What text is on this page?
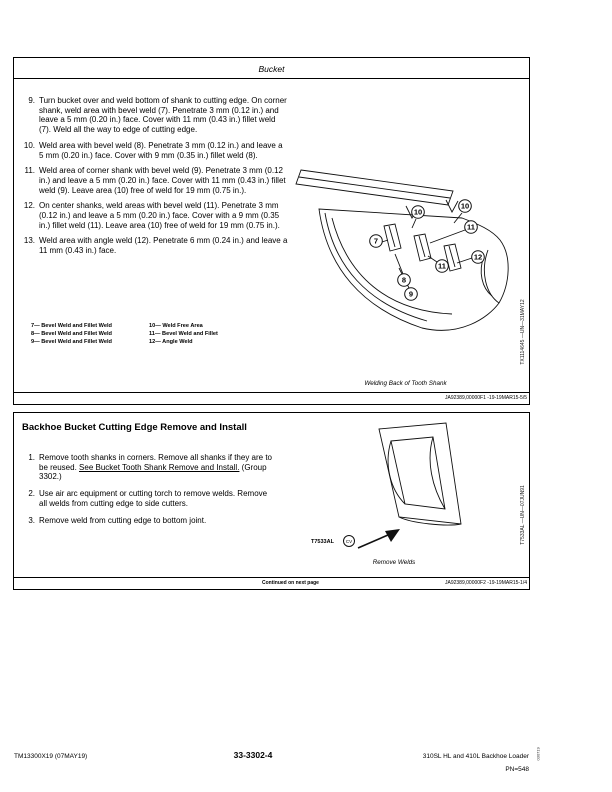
Bucket
9. Turn bucket over and weld bottom of shank to cutting edge. On corner shank, weld area with bevel weld (7). Penetrate 3 mm (0.12 in.) and leave a 5 mm (0.20 in.) face. Cover with 11 mm (0.43 in.) fillet weld (7). Weld all the way to edge of cutting edge.
10. Weld area with bevel weld (8). Penetrate 3 mm (0.12 in.) and leave a 5 mm (0.20 in.) face. Cover with 9 mm (0.35 in.) fillet weld (8).
11. Weld area of corner shank with bevel weld (9). Penetrate 3 mm (0.12 in.) and leave a 5 mm (0.20 in.) face. Cover with 11 mm (0.43 in.) fillet weld (9). Leave area (10) free of weld for 19 mm (0.75 in.).
12. On center shanks, weld areas with bevel weld (11). Penetrate 3 mm (0.12 in.) and leave a 5 mm (0.20 in.) face. Cover with a 9 mm (0.35 in.) fillet weld (11). Leave area (10) free of weld for 19 mm (0.75 in.).
13. Weld area with angle weld (12). Penetrate 6 mm (0.24 in.) and leave a 11 mm (0.43 in.) face.
7— Bevel Weld and Fillet Weld	10— Weld Free Area
8— Bevel Weld and Fillet Weld	11— Bevel Weld and Fillet
9— Bevel Weld and Fillet Weld	12— Angle Weld
7
8
9
10
10
11
11
12
Welding Back of Tooth Shank
TX1114645 —UN—31MAY12
JA92389,00000F1 -19-19MAR15-5/5
Backhoe Bucket Cutting Edge Remove and Install
1. Remove tooth shanks in corners. Remove all shanks if they are to be reused. See Bucket Tooth Shank Remove and Install. (Group 3302.)
2. Use air arc equipment or cutting torch to remove welds. Remove all welds from cutting edge to side cutters.
3. Remove weld from cutting edge to bottom joint.
T7533AL	CV
Remove Welds
T7533AL —UN—07JUN91
Continued on next page	JA92389,00000F2 -19-19MAR15-1/4
TM13300X19 (07MAY19)	33-3302-4	310SL HL and 410L Backhoe Loader 030719
PN=548
